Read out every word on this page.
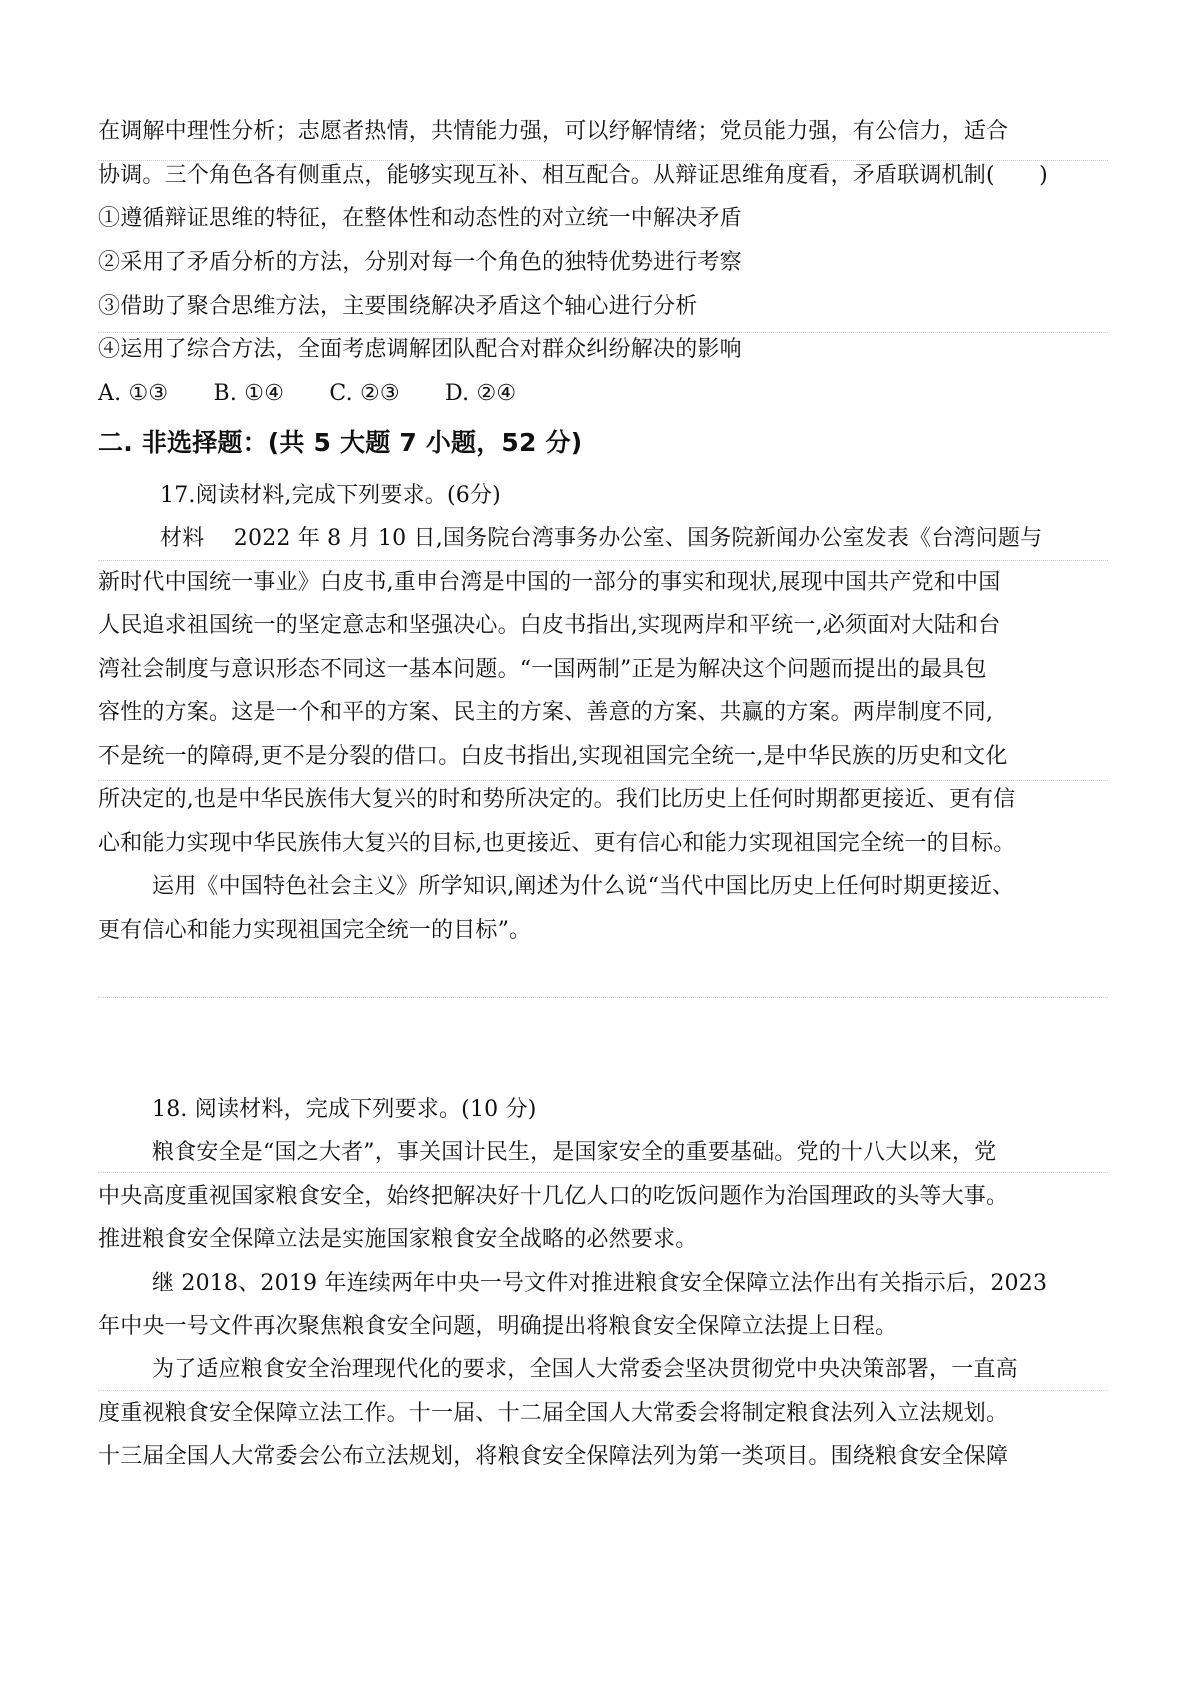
在调解中理性分析；志愿者热情，共情能力强，可以纾解情绪；党员能力强，有公信力，适合
协调。三个角色各有侧重点，能够实现互补、相互配合。从辩证思维角度看，矛盾联调机制(　　)
①遵循辩证思维的特征，在整体性和动态性的对立统一中解决矛盾
②采用了矛盾分析的方法，分别对每一个角色的独特优势进行考察
③借助了聚合思维方法，主要围绕解决矛盾这个轴心进行分析
④运用了综合方法，全面考虑调解团队配合对群众纠纷解决的影响
A. ①③ B. ①④ C. ②③ D. ②④
二. 非选择题：(共 5 大题 7 小题，52 分)
17.阅读材料,完成下列要求。(6分)
材料　 2022 年 8 月 10 日,国务院台湾事务办公室、国务院新闻办公室发表《台湾问题与
新时代中国统一事业》白皮书,重申台湾是中国的一部分的事实和现状,展现中国共产党和中国
人民追求祖国统一的坚定意志和坚强决心。白皮书指出,实现两岸和平统一,必须面对大陆和台
湾社会制度与意识形态不同这一基本问题。“一国两制”正是为解决这个问题而提出的最具包
容性的方案。这是一个和平的方案、民主的方案、善意的方案、共赢的方案。两岸制度不同,
不是统一的障碍,更不是分裂的借口。白皮书指出,实现祖国完全统一,是中华民族的历史和文化
所决定的,也是中华民族伟大复兴的时和势所决定的。我们比历史上任何时期都更接近、更有信
心和能力实现中华民族伟大复兴的目标,也更接近、更有信心和能力实现祖国完全统一的目标。
运用《中国特色社会主义》所学知识,阐述为什么说“当代中国比历史上任何时期更接近、
更有信心和能力实现祖国完全统一的目标”。
18. 阅读材料，完成下列要求。(10 分)
粮食安全是“国之大者”，事关国计民生，是国家安全的重要基础。党的十八大以来，党
中央高度重视国家粮食安全，始终把解决好十几亿人口的吃饭问题作为治国理政的头等大事。
推进粮食安全保障立法是实施国家粮食安全战略的必然要求。
继 2018、2019 年连续两年中央一号文件对推进粮食安全保障立法作出有关指示后，2023
年中央一号文件再次聚焦粮食安全问题，明确提出将粮食安全保障立法提上日程。
为了适应粮食安全治理现代化的要求，全国人大常委会坚决贯彻党中央决策部署，一直高
度重视粮食安全保障立法工作。十一届、十二届全国人大常委会将制定粮食法列入立法规划。
十三届全国人大常委会公布立法规划，将粮食安全保障法列为第一类项目。围绕粮食安全保障
